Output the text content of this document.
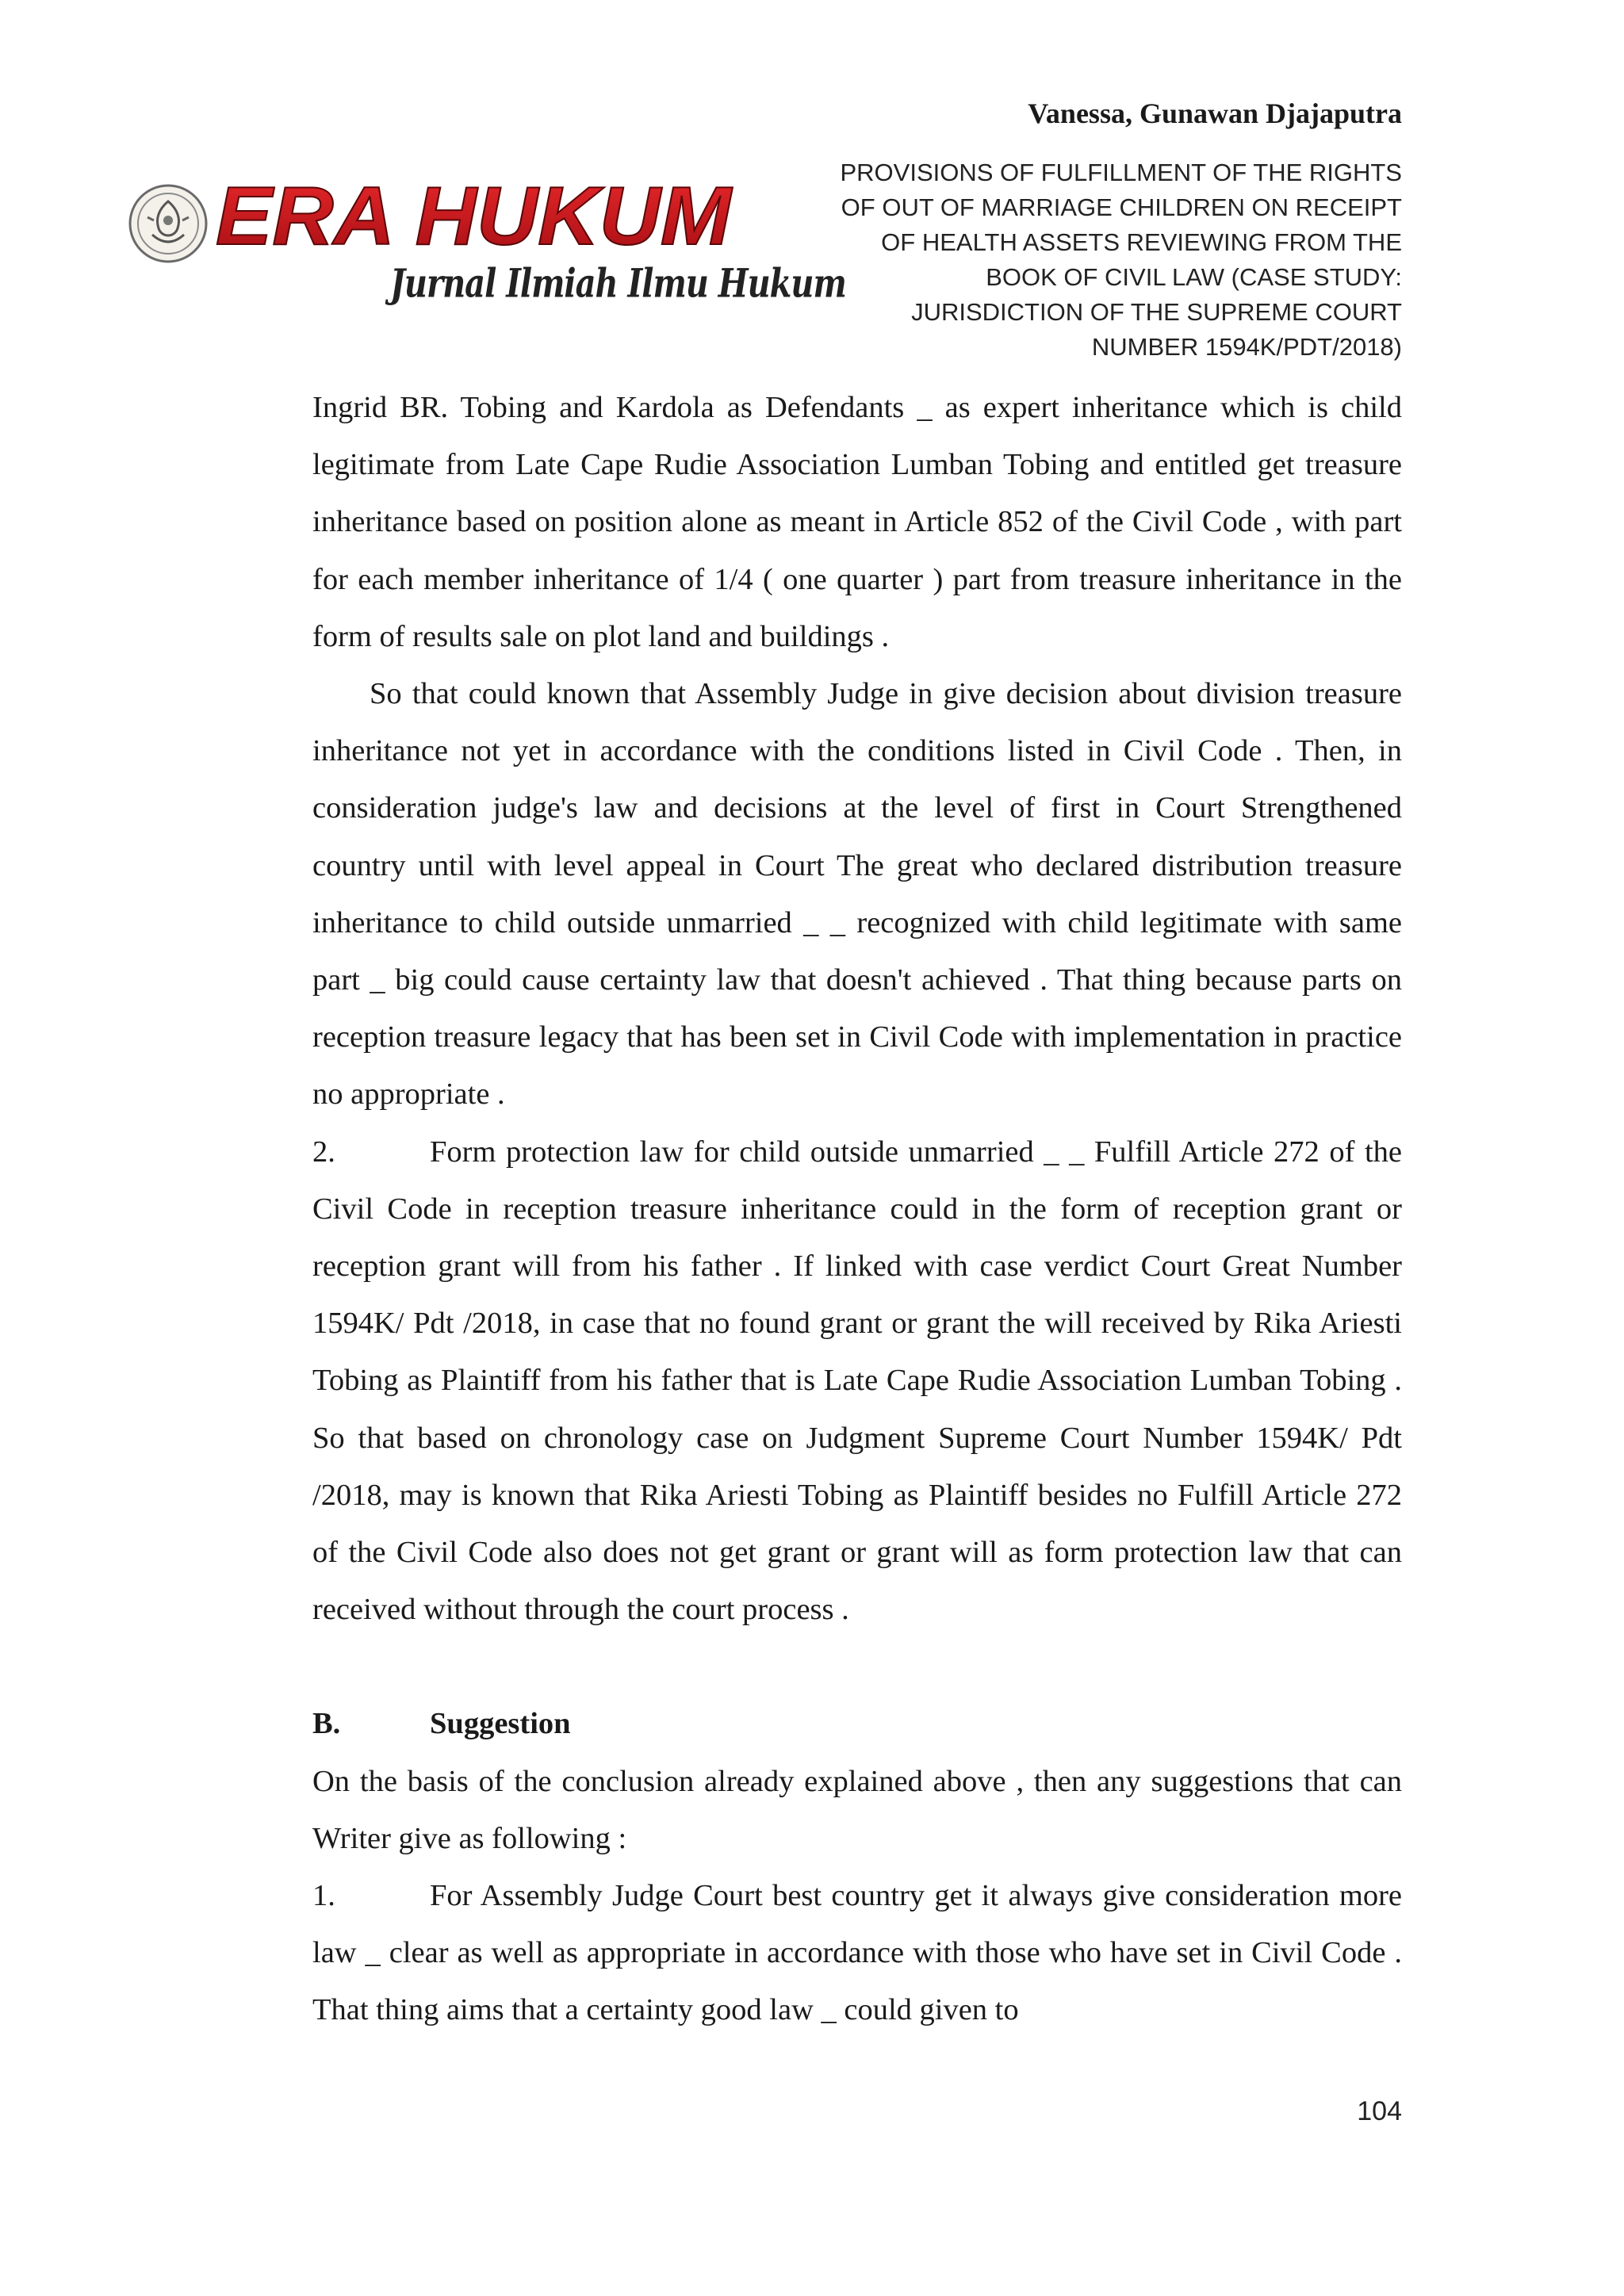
Vanessa, Gunawan Djajaputra
PROVISIONS OF FULFILLMENT OF THE RIGHTS
OF OUT OF MARRIAGE CHILDREN ON RECEIPT
OF HEALTH ASSETS REVIEWING FROM THE
BOOK OF CIVIL LAW (CASE STUDY:
JURISDICTION OF THE SUPREME COURT
NUMBER 1594K/PDT/2018)
ERA HUKUM
Jurnal Ilmiah Ilmu Hukum

Ingrid BR. Tobing and Kardola as Defendants _ as expert inheritance which is child legitimate from Late Cape Rudie Association Lumban Tobing and entitled get treasure inheritance based on position alone as meant in Article 852 of the Civil Code , with part for each member inheritance of 1/4 ( one quarter ) part from treasure inheritance in the form of results sale on plot land and buildings .

So that could known that Assembly Judge in give decision about division treasure inheritance not yet in accordance with the conditions listed in Civil Code . Then, in consideration judge's law and decisions at the level of first in Court Strengthened country until with level appeal in Court The great who declared distribution treasure inheritance to child outside unmarried _ _ recognized with child legitimate with same part _ big could cause certainty law that doesn't achieved . That thing because parts on reception treasure legacy that has been set in Civil Code with implementation in practice no appropriate .

2.	Form protection law for child outside unmarried _ _ Fulfill Article 272 of the Civil Code in reception treasure inheritance could in the form of reception grant or reception grant will from his father . If linked with case verdict Court Great Number 1594K/ Pdt /2018, in case that no found grant or grant the will received by Rika Ariesti Tobing as Plaintiff from his father that is Late Cape Rudie Association Lumban Tobing . So that based on chronology case on Judgment Supreme Court Number 1594K/ Pdt /2018, may is known that Rika Ariesti Tobing as Plaintiff besides no Fulfill Article 272 of the Civil Code also does not get grant or grant will as form protection law that can received without through the court process .

B.	Suggestion

On the basis of the conclusion already explained above , then any suggestions that can Writer give as following :

1.	For Assembly Judge Court best country get it always give consideration more law _ clear as well as appropriate in accordance with those who have set in Civil Code . That thing aims that a certainty good law _ could given to

104
